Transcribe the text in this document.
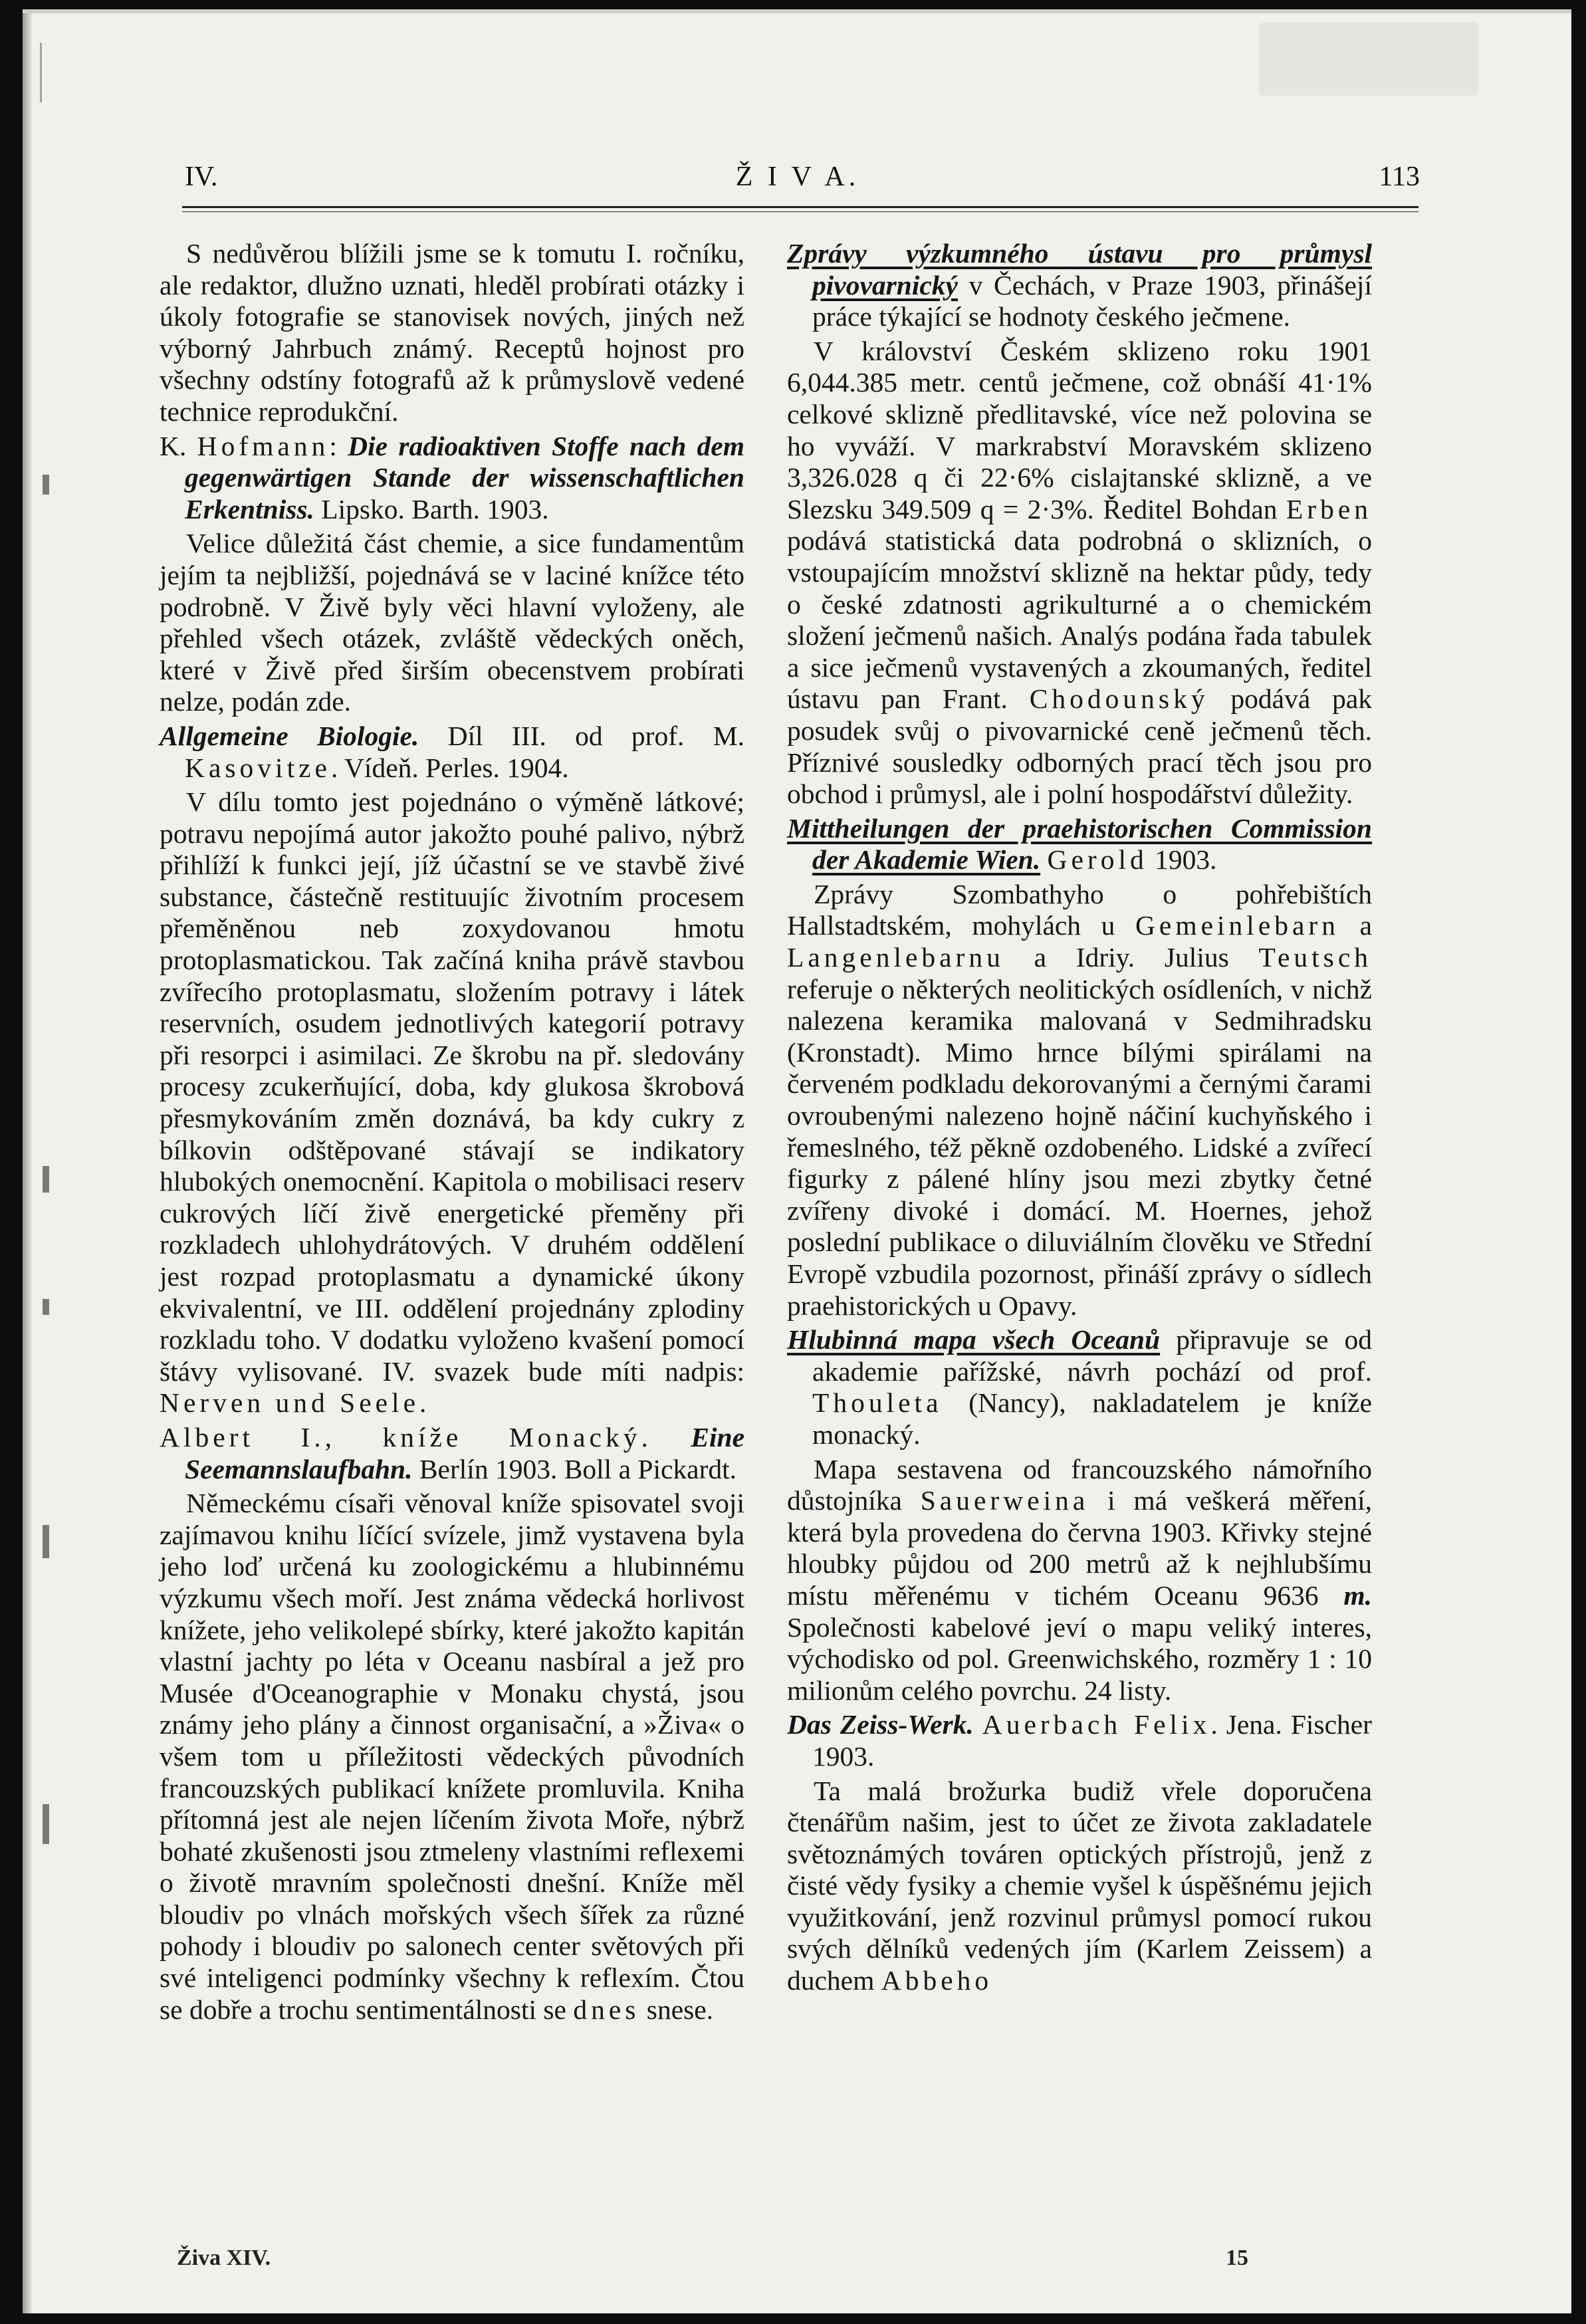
IV.	Ž I V A.	113

S nedůvěrou blížili jsme se k tomutu I. ročníku, ale redaktor, dlužno uznati, hleděl probírati otázky i úkoly fotografie se stanovisek nových, jiných než výborný Jahrbuch známý. Receptů hojnost pro všechny odstíny fotografů až k průmyslově vedené technice reprodukční.

K. Hofmann: Die radioaktiven Stoffe nach dem gegenwärtigen Stande der wissenschaftlichen Erkentniss. Lipsko. Barth. 1903.

Velice důležitá část chemie, a sice fundamentům jejím ta nejbližší, pojednává se v laciné knížce této podrobně. V Živě byly věci hlavní vyloženy, ale přehled všech otázek, zvláště vědeckých oněch, které v Živě před širším obecenstvem probírati nelze, podán zde.

Allgemeine Biologie. Díl III. od prof. M. Kasovitze. Vídeň. Perles. 1904.

V dílu tomto jest pojednáno o výměně látkové; potravu nepojímá autor jakožto pouhé palivo, nýbrž přihlíží k funkci její, jíž účastní se ve stavbě živé substance, částečně restituujíc životním procesem přeměněnou neb zoxydovanou hmotu protoplasmatickou. Tak začíná kniha právě stavbou zvířecího protoplasmatu, složením potravy i látek reservních, osudem jednotlivých kategorií potravy při resorpci i asimilaci. Ze škrobu na př. sledovány procesy zcukerňující, doba, kdy glukosa škrobová přesmykováním změn doznává, ba kdy cukry z bílkovin odštěpované stávají se indikatory hlubokých onemocnění. Kapitola o mobilisaci reserv cukrových líčí živě energetické přeměny při rozkladech uhlohydrátových. V druhém oddělení jest rozpad protoplasmatu a dynamické úkony ekvivalentní, ve III. oddělení projednány zplodiny rozkladu toho. V dodatku vyloženo kvašení pomocí štávy vylisované. IV. svazek bude míti nadpis: Nerven und Seele.

Albert I., kníže Monacký. Eine Seemannslaufbahn. Berlín 1903. Boll a Pickardt.

Německému císaři věnoval kníže spisovatel svoji zajímavou knihu líčící svízele, jimž vystavena byla jeho loď určená ku zoologickému a hlubinnému výzkumu všech moří. Jest známa vědecká horlivost knížete, jeho velikolepé sbírky, které jakožto kapitán vlastní jachty po léta v Oceanu nasbíral a jež pro Musée d'Oceanographie v Monaku chystá, jsou známy jeho plány a činnost organisační, a »Živa« o všem tom u příležitosti vědeckých původních francouzských publikací knížete promluvila. Kniha přítomná jest ale nejen líčením života Moře, nýbrž bohaté zkušenosti jsou ztmeleny vlastními reflexemi o životě mravním společnosti dnešní. Kníže měl bloudiv po vlnách mořských všech šířek za různé pohody i bloudiv po salonech center světových při své inteligenci podmínky všechny k reflexím. Čtou se dobře a trochu sentimentálnosti se dnes snese.

Zprávy výzkumného ústavu pro průmysl pivovarnický v Čechách, v Praze 1903, přinášejí práce týkající se hodnoty českého ječmene.

V království Českém sklizeno roku 1901 6,044.385 metr. centů ječmene, což obnáší 41·1% celkové sklizně předlitavské, více než polovina se ho vyváží. V markrabství Moravském sklizeno 3,326.028 q či 22·6% cislajtanské sklizně, a ve Slezsku 349.509 q = 2·3%. Ředitel Bohdan Erben podává statistická data podrobná o sklizních, o vstoupajícím množství sklizně na hektar půdy, tedy o české zdatnosti agrikulturné a o chemickém složení ječmenů našich. Analýs podána řada tabulek a sice ječmenů vystavených a zkoumaných, ředitel ústavu pan Frant. Chodounský podává pak posudek svůj o pivovarnické ceně ječmenů těch. Příznivé sousledky odborných prací těch jsou pro obchod i průmysl, ale i polní hospodářství důležity.

Mittheilungen der praehistorischen Commission der Akademie Wien. Gerold 1903.

Zprávy Szombathyho o pohřebištích Hallstadtském, mohylách u Gemeinlebarn a Langenlebarnu a Idriy. Julius Teutsch referuje o některých neolitických osídleních, v nichž nalezena keramika malovaná v Sedmihradsku (Kronstadt). Mimo hrnce bílými spirálami na červeném podkladu dekorovanými a černými čarami ovroubenými nalezeno hojně náčiní kuchyňského i řemeslného, též pěkně ozdobeného. Lidské a zvířecí figurky z pálené hlíny jsou mezi zbytky četné zvířeny divoké i domácí. M. Hoernes, jehož poslední publikace o diluviálním člověku ve Střední Evropě vzbudila pozornost, přináší zprávy o sídlech praehistorických u Opavy.

Hlubinná mapa všech Oceanů připravuje se od akademie pařížské, návrh pochází od prof. Thouleta (Nancy), nakladatelem je kníže monacký.

Mapa sestavena od francouzského námořního důstojníka Sauerweina i má veškerá měření, která byla provedena do června 1903. Křivky stejné hloubky půjdou od 200 metrů až k nejhlubšímu místu měřenému v tichém Oceanu 9636 m. Společnosti kabelové jeví o mapu veliký interes, východisko od pol. Greenwichského, rozměry 1 : 10 milionům celého povrchu. 24 listy.

Das Zeiss-Werk. Auerbach Felix. Jena. Fischer 1903.

Ta malá brožurka budiž vřele doporučena čtenářům našim, jest to účet ze života zakladatele světoznámých továren optických přístrojů, jenž z čisté vědy fysiky a chemie vyšel k úspěšnému jejich využitkování, jenž rozvinul průmysl pomocí rukou svých dělníků vedených jím (Karlem Zeissem) a duchem Abbeho

Živa XIV.	15
